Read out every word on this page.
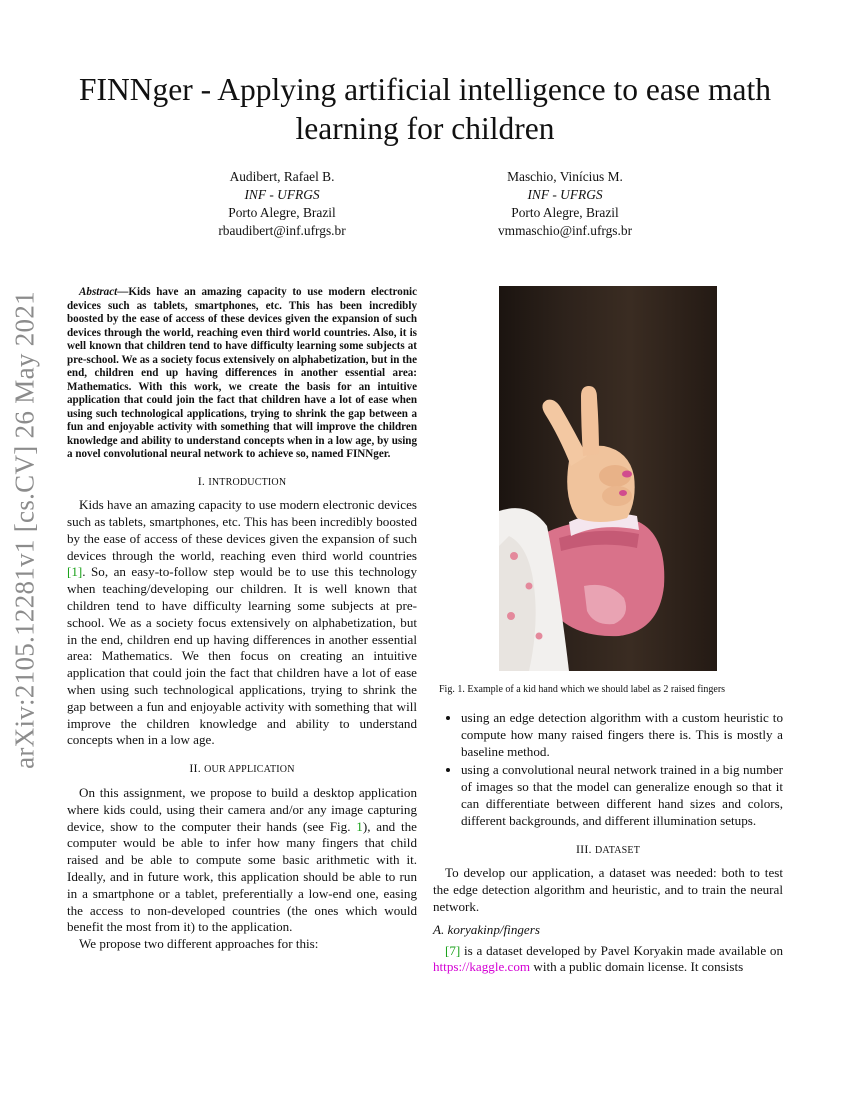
arXiv:2105.12281v1 [cs.CV] 26 May 2021
FINNger - Applying artificial intelligence to ease math learning for children
Audibert, Rafael B.
INF - UFRGS
Porto Alegre, Brazil
rbaudibert@inf.ufrgs.br
Maschio, Vinícius M.
INF - UFRGS
Porto Alegre, Brazil
vmmaschio@inf.ufrgs.br

Abstract—Kids have an amazing capacity to use modern electronic devices such as tablets, smartphones, etc. This has been incredibly boosted by the ease of access of these devices given the expansion of such devices through the world, reaching even third world countries. Also, it is well known that children tend to have difficulty learning some subjects at pre-school. We as a society focus extensively on alphabetization, but in the end, children end up having differences in another essential area: Mathematics. With this work, we create the basis for an intuitive application that could join the fact that children have a lot of ease when using such technological applications, trying to shrink the gap between a fun and enjoyable activity with something that will improve the children knowledge and ability to understand concepts when in a low age, by using a novel convolutional neural network to achieve so, named FINNger.

I. INTRODUCTION

Kids have an amazing capacity to use modern electronic devices such as tablets, smartphones, etc. This has been incredibly boosted by the ease of access of these devices given the expansion of such devices through the world, reaching even third world countries [1]. So, an easy-to-follow step would be to use this technology when teaching/developing our children. It is well known that children tend to have difficulty learning some subjects at pre-school. We as a society focus extensively on alphabetization, but in the end, children end up having differences in another essential area: Mathematics. We then focus on creating an intuitive application that could join the fact that children have a lot of ease when using such technological applications, trying to shrink the gap between a fun and enjoyable activity with something that will improve the children knowledge and ability to understand concepts when in a low age.

II. OUR APPLICATION

On this assignment, we propose to build a desktop application where kids could, using their camera and/or any image capturing device, show to the computer their hands (see Fig. 1), and the computer would be able to infer how many fingers that child raised and be able to compute some basic arithmetic with it. Ideally, and in future work, this application should be able to run in a smartphone or a tablet, preferentially a low-end one, easing the access to non-developed countries (the ones which would benefit the most from it) to the application.

We propose two different approaches for this:

Fig. 1. Example of a kid hand which we should label as 2 raised fingers
• using an edge detection algorithm with a custom heuristic to compute how many raised fingers there is. This is mostly a baseline method.
• using a convolutional neural network trained in a big number of images so that the model can generalize enough so that it can differentiate between different hand sizes and colors, different backgrounds, and different illumination setups.
III. DATASET

To develop our application, a dataset was needed: both to test the edge detection algorithm and heuristic, and to train the neural network.

A. koryakinp/fingers

[7] is a dataset developed by Pavel Koryakin made available on https://kaggle.com with a public domain license. It consists
